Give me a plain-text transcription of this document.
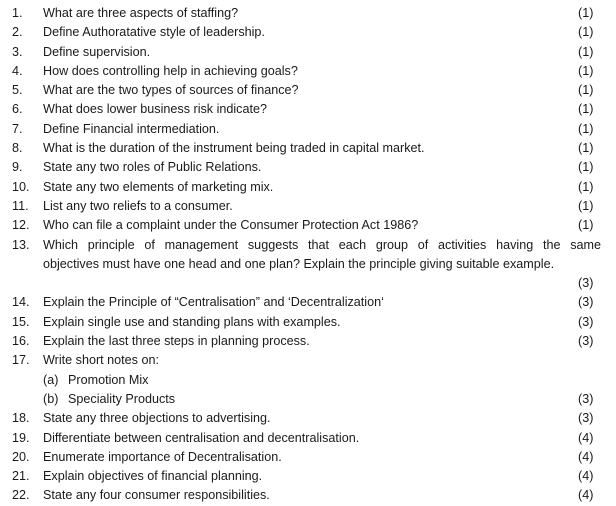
1.	What are three aspects of staffing?	(1)
2.	Define Authoratative style of leadership.	(1)
3.	Define supervision.	(1)
4.	How does controlling help in achieving goals?	(1)
5.	What are the two types of sources of finance?	(1)
6.	What does lower business risk indicate?	(1)
7.	Define Financial intermediation.	(1)
8.	What is the duration of the instrument being traded in capital market.	(1)
9.	State any two roles of Public Relations.	(1)
10.	State any two elements of marketing mix.	(1)
11.	List any two reliefs to a consumer.	(1)
12.	Who can file a complaint under the Consumer Protection Act 1986?	(1)
13.	Which principle of management suggests that each group of activities having the same
objectives must have one head and one plan? Explain the principle giving suitable example.
(3)
14.	Explain the Principle of “Centralisation” and ‘Decentralization‘	(3)
15.	Explain single use and standing plans with examples.	(3)
16.	Explain the last three steps in planning process.	(3)
17.	Write short notes on:
(a) Promotion Mix
(b) Speciality Products	(3)
18.	State any three objections to advertising.	(3)
19.	Differentiate between centralisation and decentralisation.	(4)
20.	Enumerate importance of Decentralisation.	(4)
21.	Explain objectives of financial planning.	(4)
22.	State any four consumer responsibilities.	(4)
